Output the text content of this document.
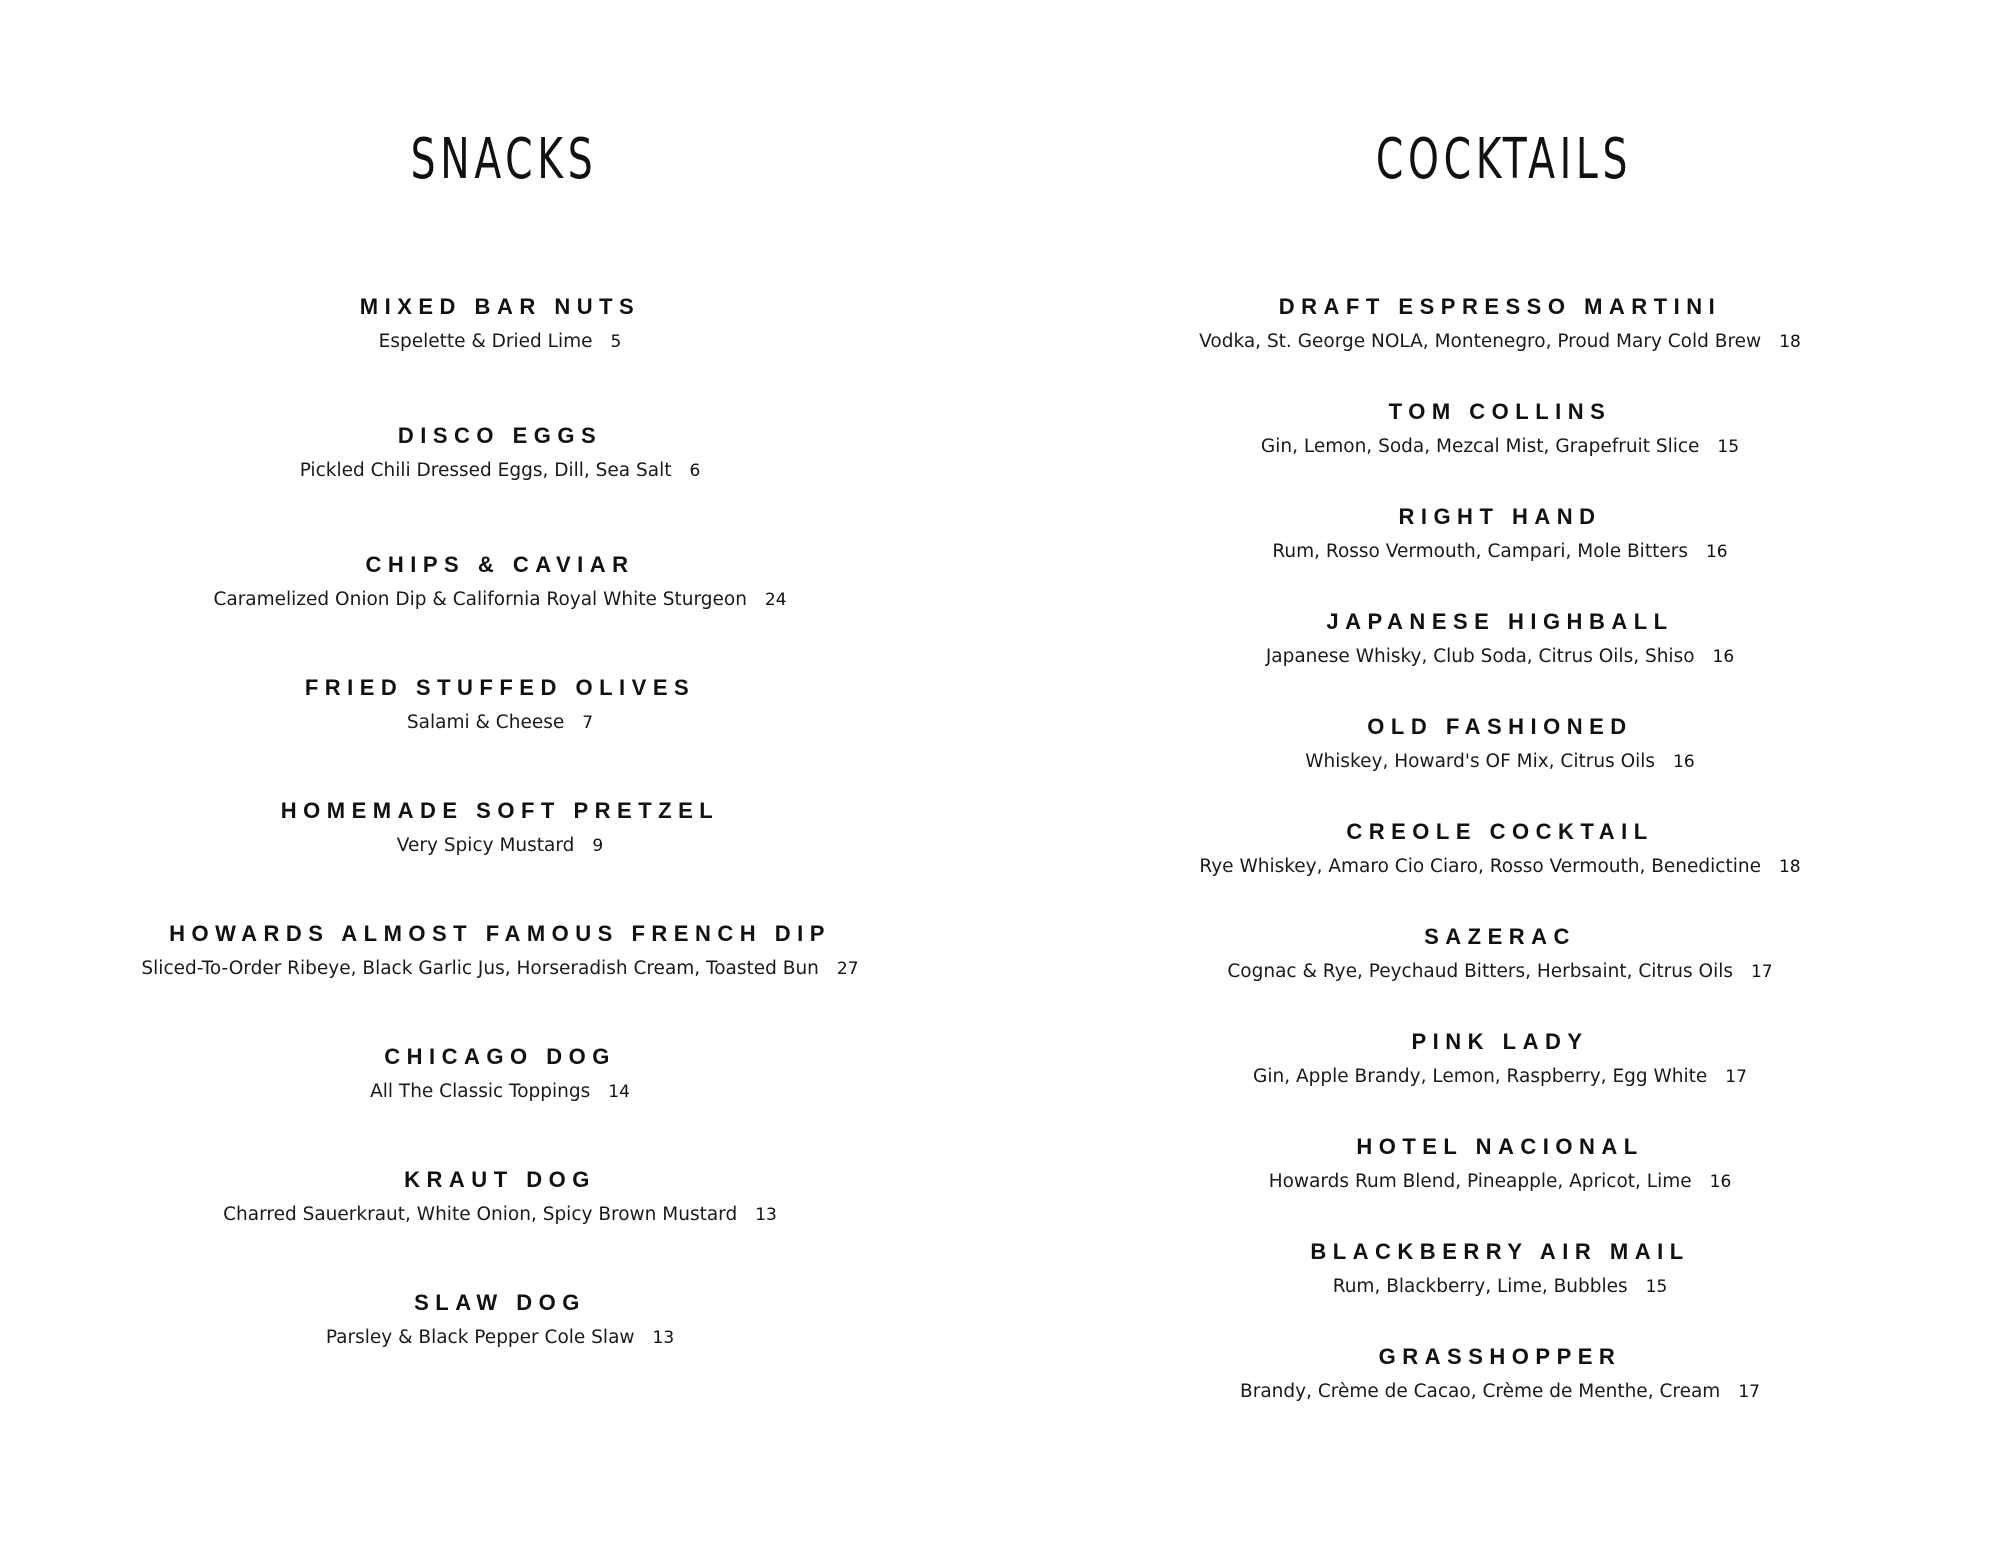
SNACKS
MIXED BAR NUTS
Espelette & Dried Lime 5
DISCO EGGS
Pickled Chili Dressed Eggs, Dill, Sea Salt 6
CHIPS & CAVIAR
Caramelized Onion Dip & California Royal White Sturgeon 24
FRIED STUFFED OLIVES
Salami & Cheese 7
HOMEMADE SOFT PRETZEL
Very Spicy Mustard 9
HOWARDS ALMOST FAMOUS FRENCH DIP
Sliced-To-Order Ribeye, Black Garlic Jus, Horseradish Cream, Toasted Bun 27
CHICAGO DOG
All The Classic Toppings 14
KRAUT DOG
Charred Sauerkraut, White Onion, Spicy Brown Mustard 13
SLAW DOG
Parsley & Black Pepper Cole Slaw 13
COCKTAILS
DRAFT ESPRESSO MARTINI
Vodka, St. George NOLA, Montenegro, Proud Mary Cold Brew 18
TOM COLLINS
Gin, Lemon, Soda, Mezcal Mist, Grapefruit Slice 15
RIGHT HAND
Rum, Rosso Vermouth, Campari, Mole Bitters 16
JAPANESE HIGHBALL
Japanese Whisky, Club Soda, Citrus Oils, Shiso 16
OLD FASHIONED
Whiskey, Howard's OF Mix, Citrus Oils 16
CREOLE COCKTAIL
Rye Whiskey, Amaro Cio Ciaro, Rosso Vermouth, Benedictine 18
SAZERAC
Cognac & Rye, Peychaud Bitters, Herbsaint, Citrus Oils 17
PINK LADY
Gin, Apple Brandy, Lemon, Raspberry, Egg White 17
HOTEL NACIONAL
Howards Rum Blend, Pineapple, Apricot, Lime 16
BLACKBERRY AIR MAIL
Rum, Blackberry, Lime, Bubbles 15
GRASSHOPPER
Brandy, Crème de Cacao, Crème de Menthe, Cream 17
